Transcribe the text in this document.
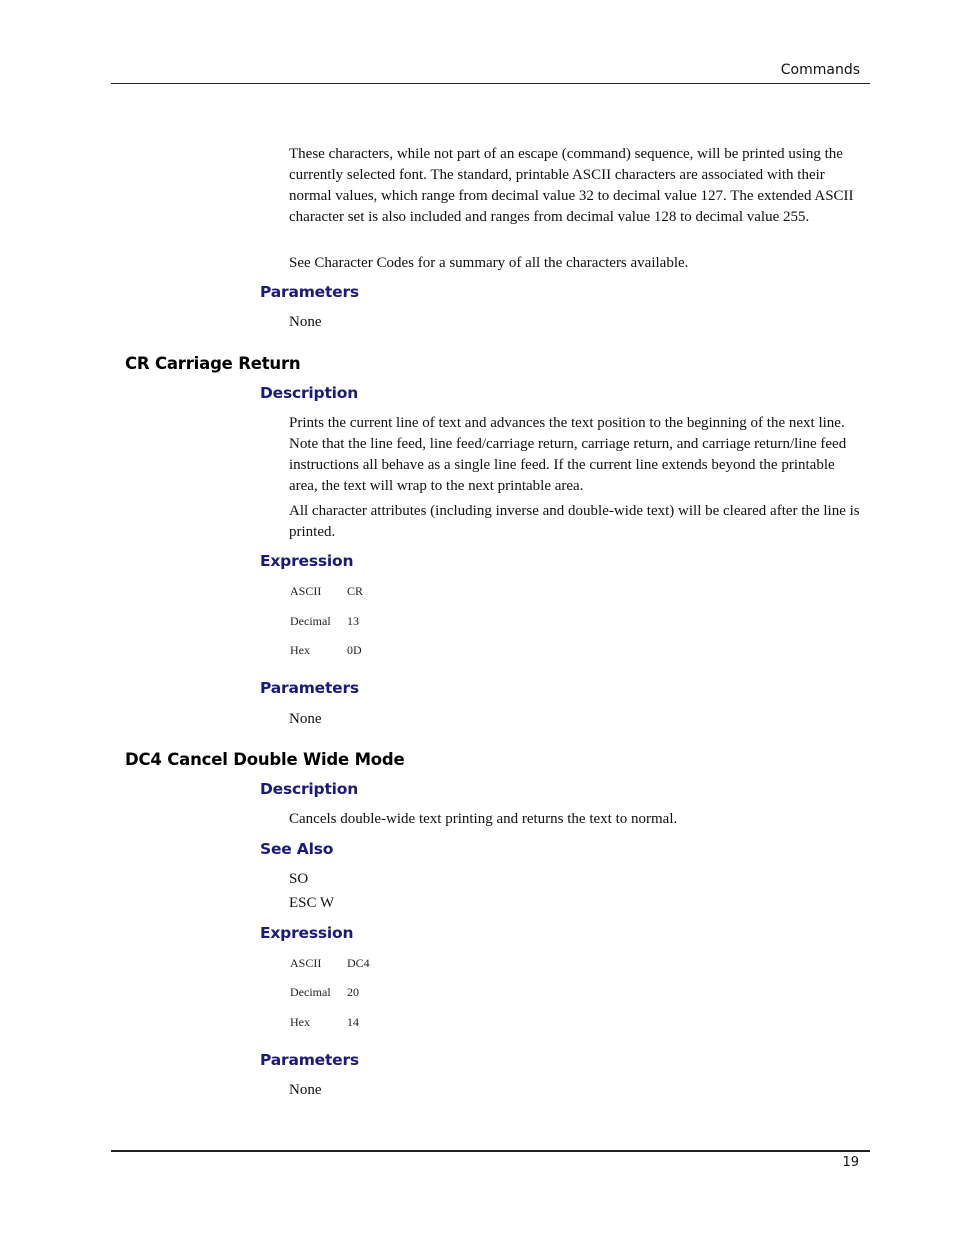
Commands

These characters, while not part of an escape (command) sequence, will be printed using the currently selected font. The standard, printable ASCII characters are associated with their normal values, which range from decimal value 32 to decimal value 127. The extended ASCII character set is also included and ranges from decimal value 128 to decimal value 255.

See Character Codes for a summary of all the characters available.

Parameters

None

CR Carriage Return
Description

Prints the current line of text and advances the text position to the beginning of the next line. Note that the line feed, line feed/carriage return, carriage return, and carriage return/line feed instructions all behave as a single line feed. If the current line extends beyond the printable area, the text will wrap to the next printable area.

All character attributes (including inverse and double-wide text) will be cleared after the line is printed.

Expression
ASCII CR
Decimal 13
Hex	0D
Parameters

None

DC4 Cancel Double Wide Mode
Description

Cancels double-wide text printing and returns the text to normal.

See Also

SO

ESC W

Expression
ASCII DC4
Decimal 20
Hex	14
Parameters

None

19
